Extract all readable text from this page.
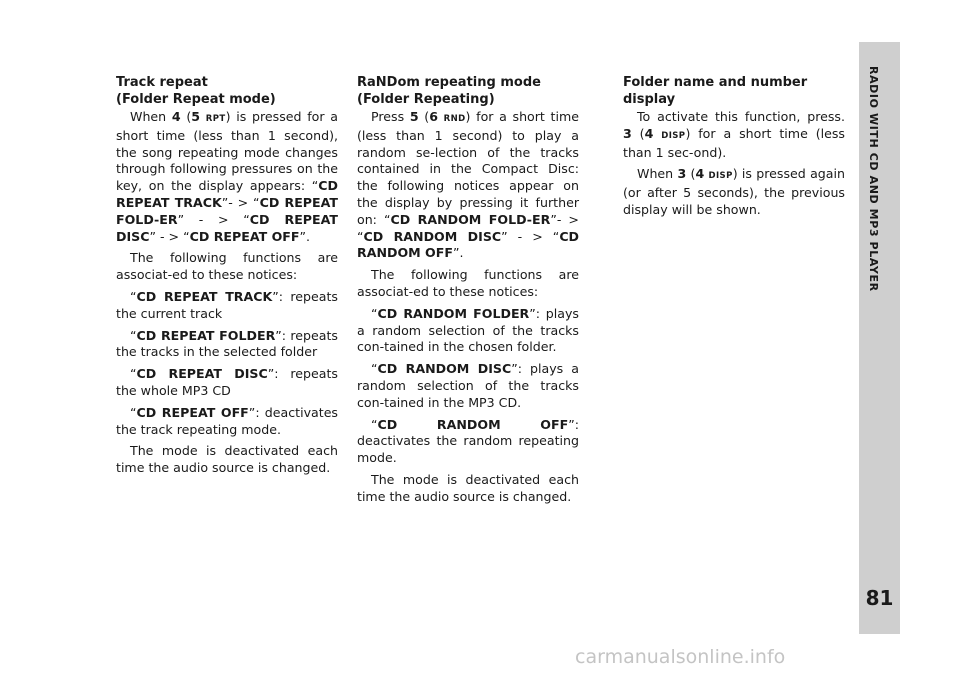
Track repeat
(Folder Repeat mode)

When 4 (5 RPT) is pressed for a short time (less than 1 second), the song repeating mode changes through following pressures on the key, on the display appears: “CD REPEAT TRACK”- > “CD REPEAT FOLD-ER” - > “CD REPEAT DISC” - > “CD REPEAT OFF”.

The following functions are associat-ed to these notices:

“CD REPEAT TRACK”: repeats the current track

“CD REPEAT FOLDER”: repeats the tracks in the selected folder

“CD REPEAT DISC”: repeats the whole MP3 CD

“CD REPEAT OFF”: deactivates the track repeating mode.

The mode is deactivated each time the audio source is changed.

RaNDom repeating mode
(Folder Repeating)

Press 5 (6 RND) for a short time (less than 1 second) to play a random se-lection of the tracks contained in the Compact Disc: the following notices appear on the display by pressing it further on: “CD RANDOM FOLD-ER”- > “CD RANDOM DISC” - > “CD RANDOM OFF”.

The following functions are associat-ed to these notices:

“CD RANDOM FOLDER”: plays a random selection of the tracks con-tained in the chosen folder.

“CD RANDOM DISC”: plays a random selection of the tracks con-tained in the MP3 CD.

“CD RANDOM OFF”: deactivates the random repeating mode.

The mode is deactivated each time the audio source is changed.

Folder name and number
display

To activate this function, press. 3 (4 DISP) for a short time (less than 1 sec-ond).

When 3 (4 DISP) is pressed again (or after 5 seconds), the previous display will be shown.	RADIO WITH CD AND MP3 PLAYER
81
carmanualsonline.info
